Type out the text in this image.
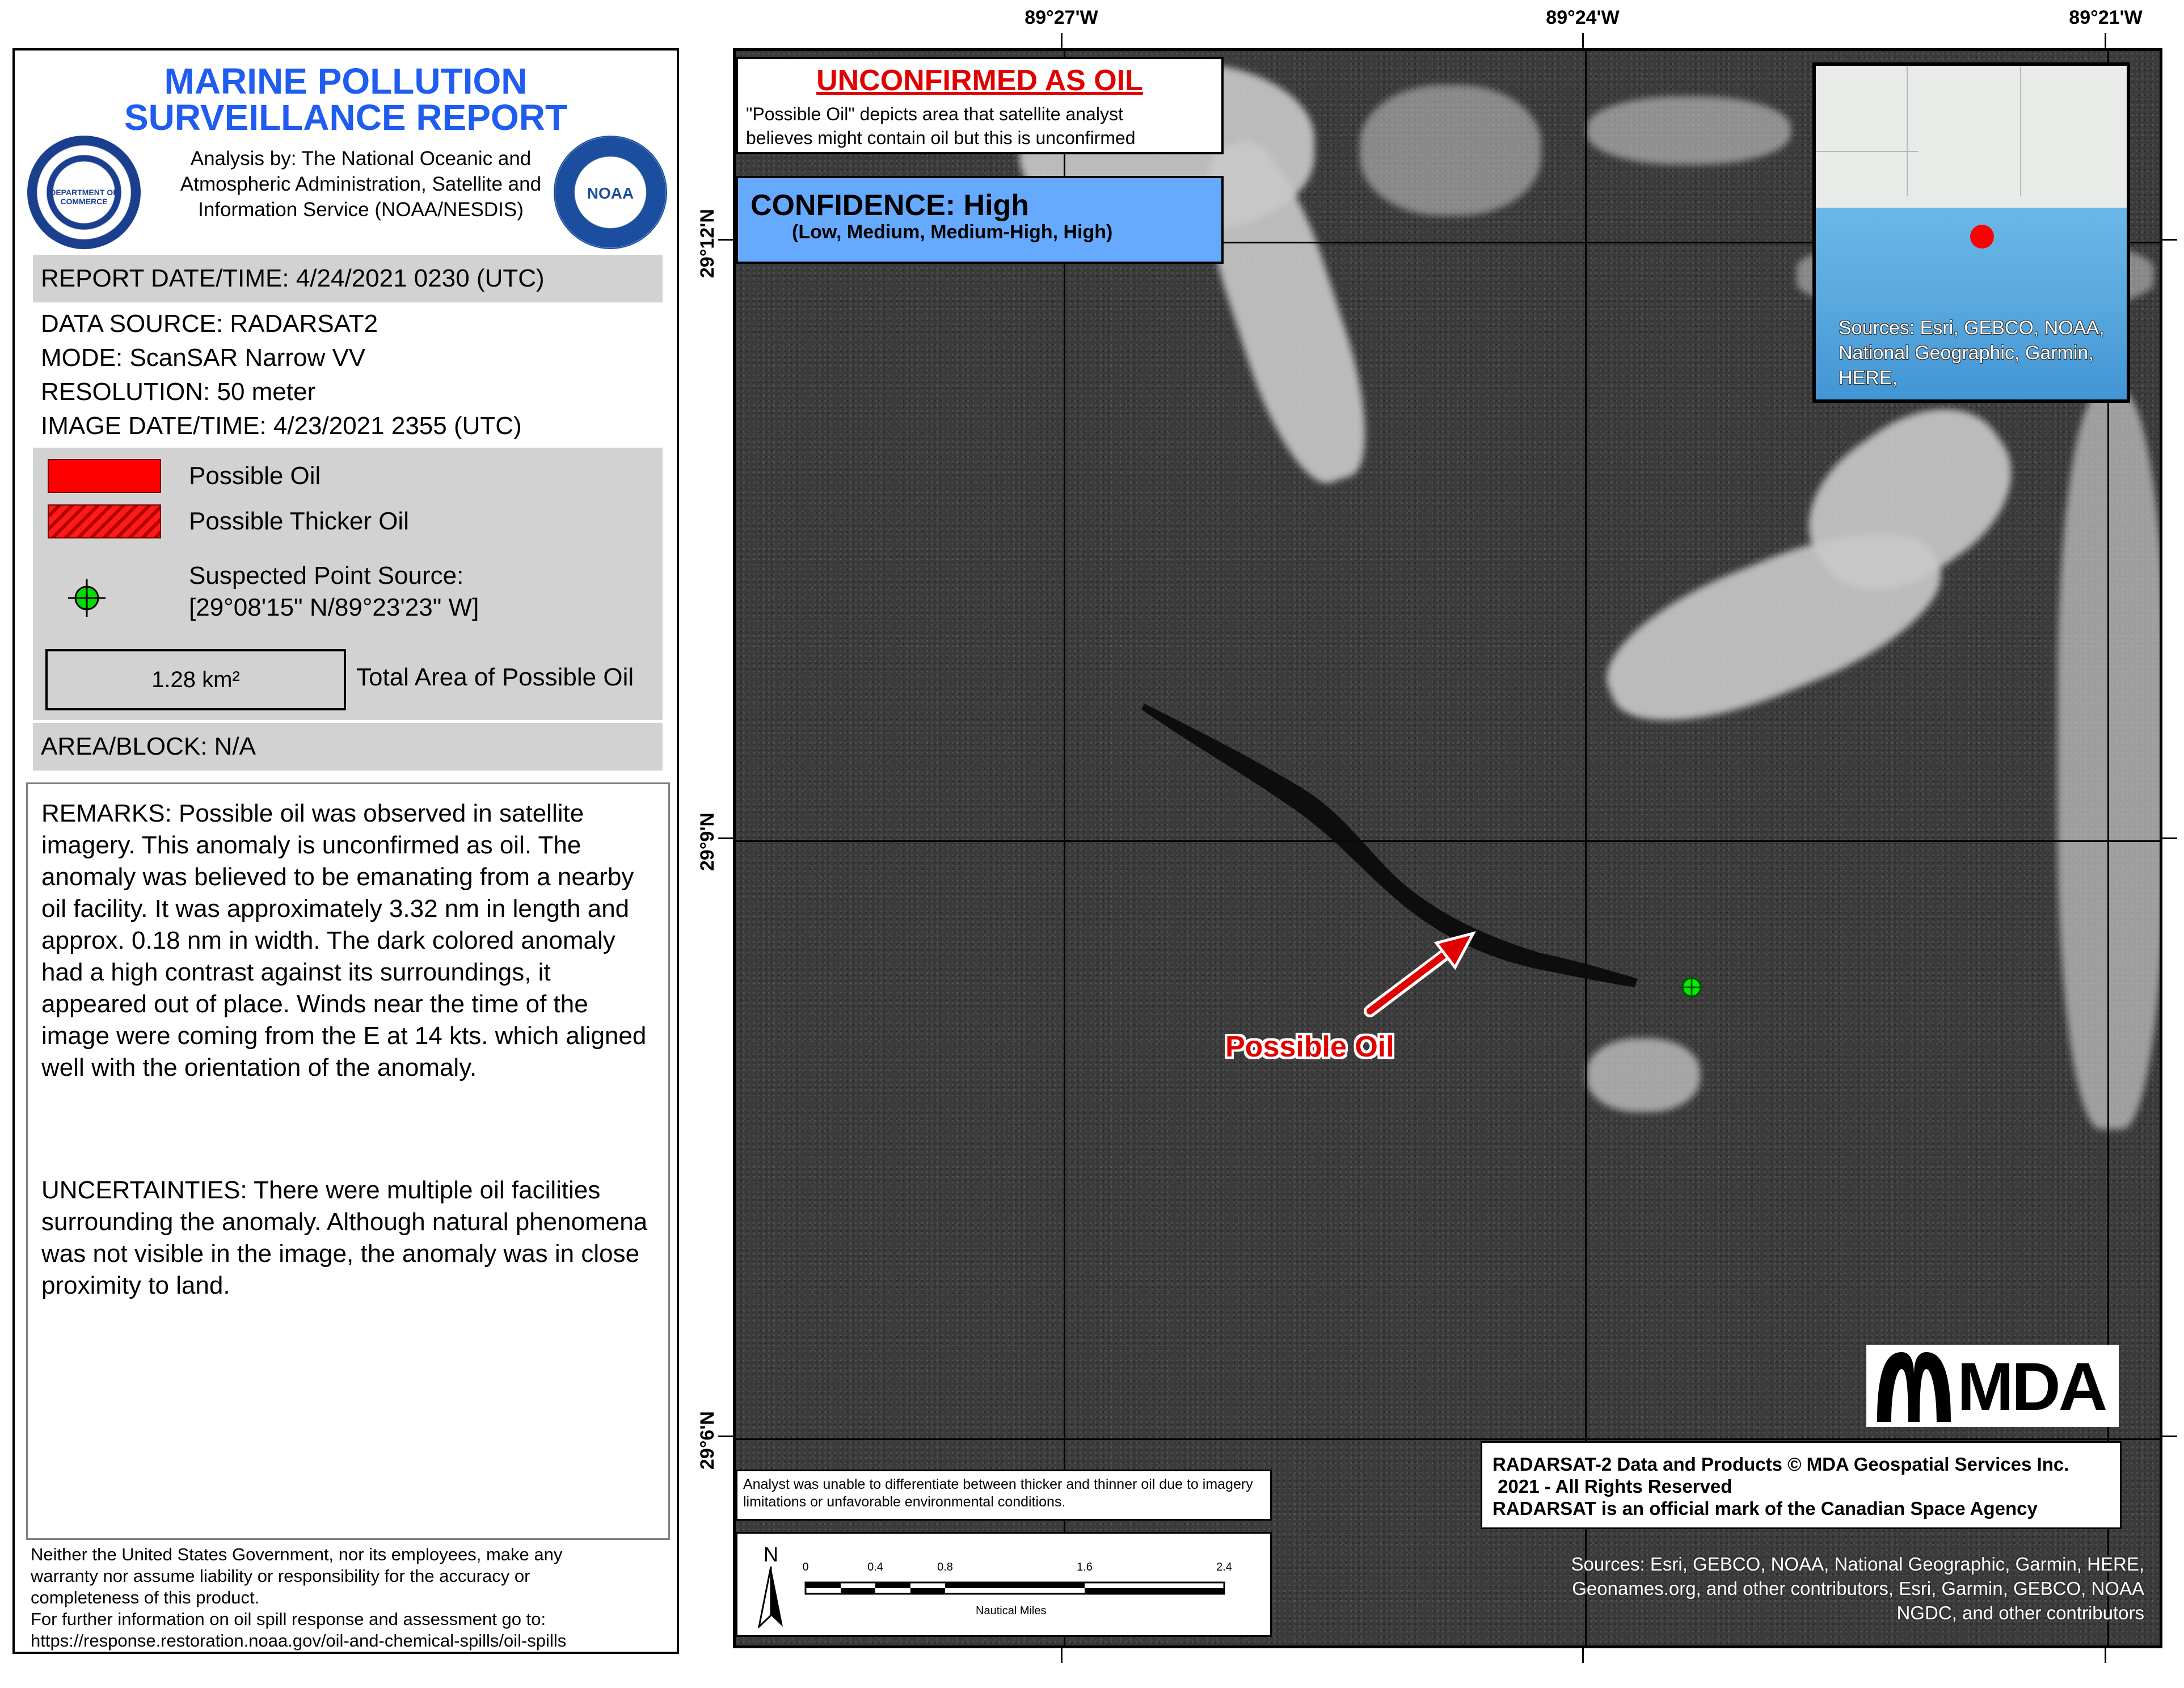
MARINE POLLUTION
SURVEILLANCE REPORT
DEPARTMENT OF COMMERCE	NOAA
Analysis by: The National Oceanic and
Atmospheric Administration, Satellite and
Information Service (NOAA/NESDIS)
REPORT DATE/TIME: 4/24/2021 0230 (UTC)
DATA SOURCE: RADARSAT2
MODE: ScanSAR Narrow VV
RESOLUTION: 50 meter
IMAGE DATE/TIME: 4/23/2021 2355 (UTC)
Possible Oil
Possible Thicker Oil
Suspected Point Source:
[29°08'15" N/89°23'23" W]
1.28 km²	Total Area of Possible Oil
AREA/BLOCK: N/A
REMARKS: Possible oil was observed in satellite imagery. This anomaly is unconfirmed as oil. The anomaly was believed to be emanating from a nearby oil facility. It was approximately 3.32 nm in length and approx. 0.18 nm in width. The dark colored anomaly had a high contrast against its surroundings, it appeared out of place. Winds near the time of the image were coming from the E at 14 kts. which aligned well with the orientation of the anomaly.
UNCERTAINTIES: There were multiple oil facilities surrounding the anomaly. Although natural phenomena was not visible in the image, the anomaly was in close proximity to land.
Neither the United States Government, nor its employees, make any
warranty nor assume liability or responsibility for the accuracy or
completeness of this product.
For further information on oil spill response and assessment go to:
https://response.restoration.noaa.gov/oil-and-chemical-spills/oil-spills
89°27'W	89°24'W	89°21'W
29°12'N
29°9'N
29°6'N
Possible Oil
UNCONFIRMED AS OIL
"Possible Oil" depicts area that satellite analyst
believes might contain oil but this is unconfirmed
CONFIDENCE: High
(Low, Medium, Medium-High, High)
Sources: Esri, GEBCO, NOAA, National Geographic, Garmin, HERE,
MDA
RADARSAT-2 Data and Products © MDA Geospatial Services Inc.
2021 - All Rights Reserved
RADARSAT is an official mark of the Canadian Space Agency
Analyst was unable to differentiate between thicker and thinner oil due to imagery limitations or unfavorable environmental conditions.
N
0	0.4	0.8	1.6	2.4
Nautical Miles
Sources: Esri, GEBCO, NOAA, National Geographic, Garmin, HERE,
Geonames.org, and other contributors, Esri, Garmin, GEBCO, NOAA
NGDC, and other contributors
